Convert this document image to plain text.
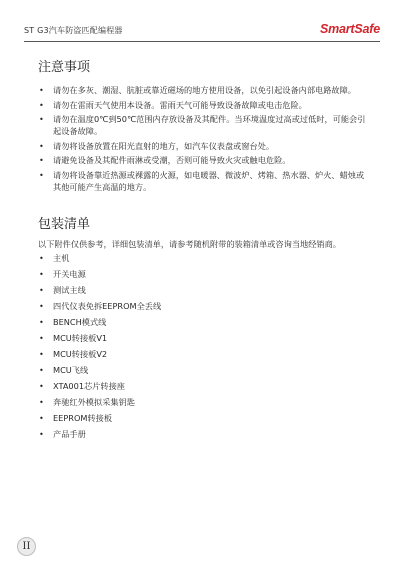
ST G3汽车防盗匹配编程器	SmartSafe
注意事项
• 请勿在多灰、潮湿、肮脏或靠近磁场的地方使用设备，以免引起设备内部电路故障。
• 请勿在雷雨天气使用本设备。雷雨天气可能导致设备故障或电击危险。
• 请勿在温度0℃到50℃范围内存放设备及其配件。当环境温度过高或过低时，可能会引起设备故障。
• 请勿将设备放置在阳光直射的地方，如汽车仪表盘或窗台处。
• 请避免设备及其配件雨淋或受潮，否则可能导致火灾或触电危险。
• 请勿将设备靠近热源或裸露的火源，如电暖器、微波炉、烤箱、热水器、炉火、蜡烛或其他可能产生高温的地方。
包装清单
以下附件仅供参考，详细包装清单，请参考随机附带的装箱清单或咨询当地经销商。
• 主机
• 开关电源
• 测试主线
• 四代仪表免拆EEPROM全丢线
• BENCH模式线
• MCU转接板V1
• MCU转接板V2
• MCU飞线
• XTA001芯片转接座
• 奔驰红外模拟采集钥匙
• EEPROM转接板
• 产品手册
II
